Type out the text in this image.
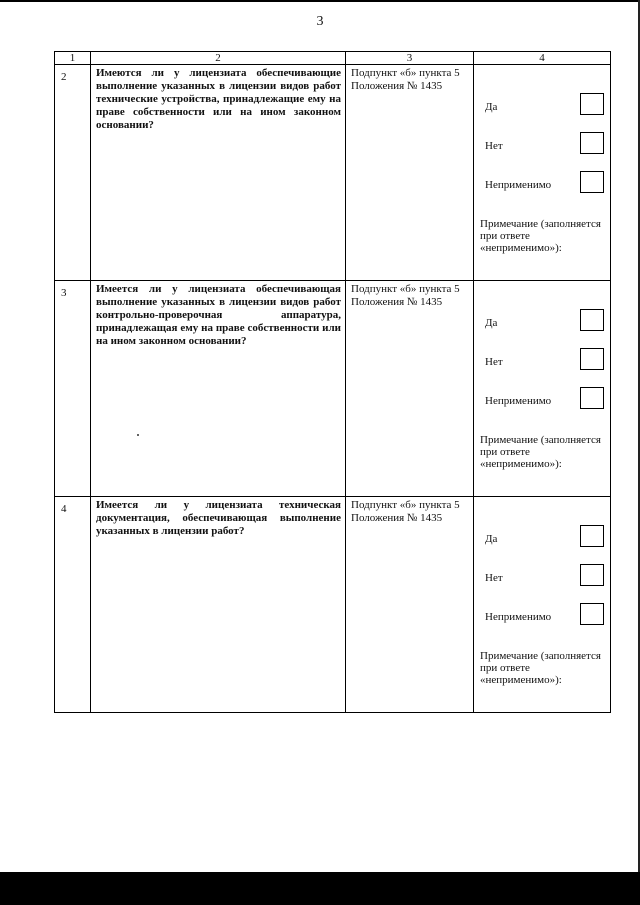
3
1	2	3	4
2	Имеются ли у лицензиата обеспечивающие выполнение указанных в лицензии видов работ технические устройства, принадлежащие ему на праве собственности или на ином законном основании?	Подпункт «б» пункта 5 Положения № 1435	Да
Нет
Неприменимо
Примечание (заполняется при ответе «неприменимо»):

3	Имеется ли у лицензиата обеспечивающая выполнение указанных в лицензии видов работ контрольно-проверочная аппаратура, принадлежащая ему на праве собственности или на ином законном основании?	Подпункт «б» пункта 5 Положения № 1435	Да
Нет
Неприменимо
Примечание (заполняется при ответе «неприменимо»):

4	Имеется ли у лицензиата техническая документация, обеспечивающая выполнение указанных в лицензии работ?	Подпункт «б» пункта 5 Положения № 1435	Да
Нет
Неприменимо
Примечание (заполняется при ответе «неприменимо»):
